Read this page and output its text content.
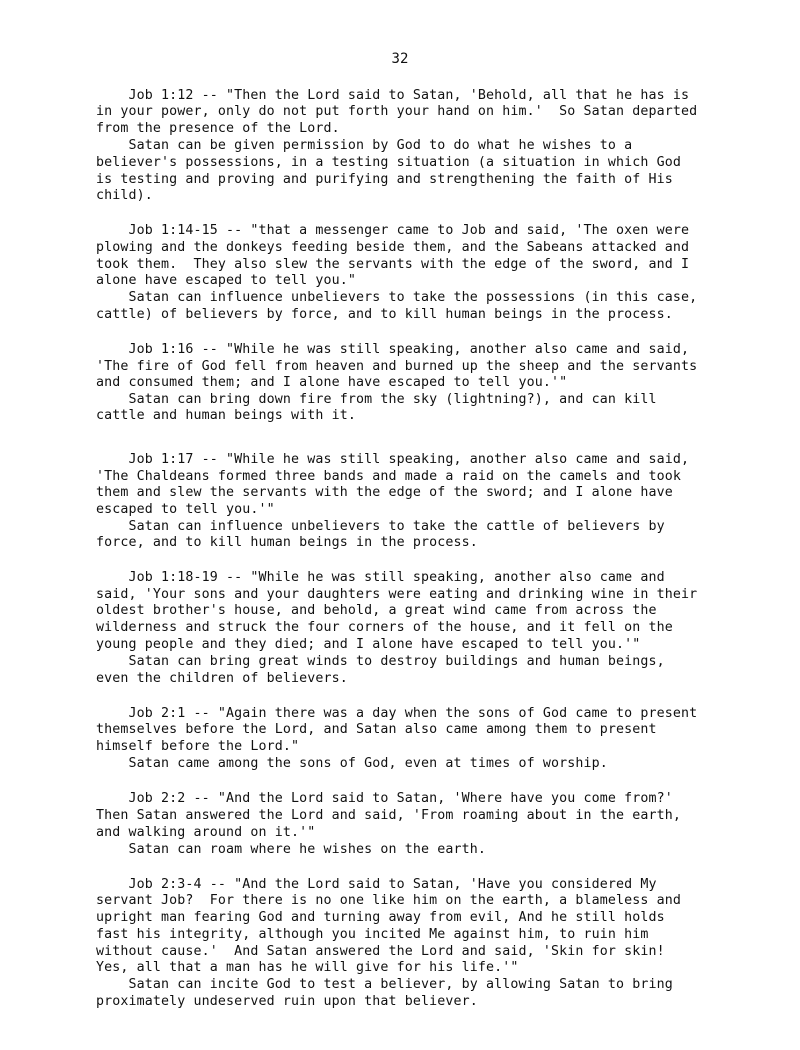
32
Job 1:12 -- "Then the Lord said to Satan, 'Behold, all that he has is
in your power, only do not put forth your hand on him.'  So Satan departed
from the presence of the Lord.
Satan can be given permission by God to do what he wishes to a
believer's possessions, in a testing situation (a situation in which God
is testing and proving and purifying and strengthening the faith of His
child).
Job 1:14-15 -- "that a messenger came to Job and said, 'The oxen were
plowing and the donkeys feeding beside them, and the Sabeans attacked and
took them.  They also slew the servants with the edge of the sword, and I
alone have escaped to tell you."
Satan can influence unbelievers to take the possessions (in this case,
cattle) of believers by force, and to kill human beings in the process.
Job 1:16 -- "While he was still speaking, another also came and said,
'The fire of God fell from heaven and burned up the sheep and the servants
and consumed them; and I alone have escaped to tell you.'"
Satan can bring down fire from the sky (lightning?), and can kill
cattle and human beings with it.
Job 1:17 -- "While he was still speaking, another also came and said,
'The Chaldeans formed three bands and made a raid on the camels and took
them and slew the servants with the edge of the sword; and I alone have
escaped to tell you.'"
Satan can influence unbelievers to take the cattle of believers by
force, and to kill human beings in the process.
Job 1:18-19 -- "While he was still speaking, another also came and
said, 'Your sons and your daughters were eating and drinking wine in their
oldest brother's house, and behold, a great wind came from across the
wilderness and struck the four corners of the house, and it fell on the
young people and they died; and I alone have escaped to tell you.'"
Satan can bring great winds to destroy buildings and human beings,
even the children of believers.
Job 2:1 -- "Again there was a day when the sons of God came to present
themselves before the Lord, and Satan also came among them to present
himself before the Lord."
Satan came among the sons of God, even at times of worship.
Job 2:2 -- "And the Lord said to Satan, 'Where have you come from?'
Then Satan answered the Lord and said, 'From roaming about in the earth,
and walking around on it.'"
Satan can roam where he wishes on the earth.
Job 2:3-4 -- "And the Lord said to Satan, 'Have you considered My
servant Job?  For there is no one like him on the earth, a blameless and
upright man fearing God and turning away from evil, And he still holds
fast his integrity, although you incited Me against him, to ruin him
without cause.'  And Satan answered the Lord and said, 'Skin for skin!
Yes, all that a man has he will give for his life.'"
Satan can incite God to test a believer, by allowing Satan to bring
proximately undeserved ruin upon that believer.
